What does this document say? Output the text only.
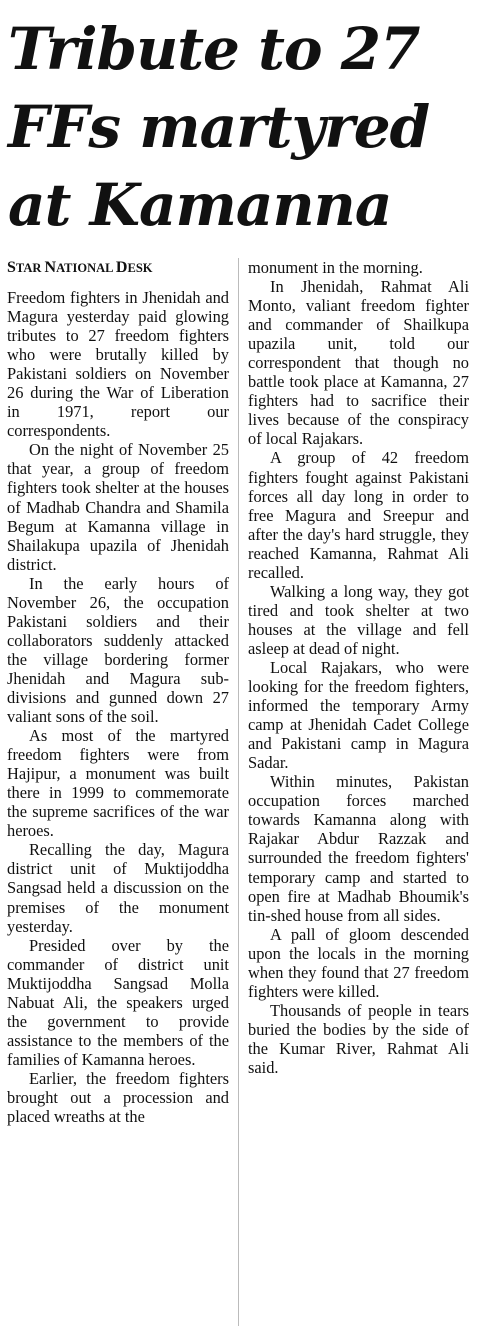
Tribute to 27
FFs martyred
at Kamanna
STAR NATIONAL DESK

Freedom fighters in Jhenidah and Magura yesterday paid glowing tributes to 27 freedom fighters who were brutally killed by Pakistani soldiers on November 26 during the War of Liberation in 1971, report our correspondents.

On the night of November 25 that year, a group of freedom fighters took shelter at the houses of Madhab Chandra and Shamila Begum at Kamanna village in Shailakupa upazila of Jhenidah district.

In the early hours of November 26, the occupation Pakistani soldiers and their collaborators suddenly attacked the village bordering former Jhenidah and Magura sub-divisions and gunned down 27 valiant sons of the soil.

As most of the martyred freedom fighters were from Hajipur, a monument was built there in 1999 to commemorate the supreme sacrifices of the war heroes.

Recalling the day, Magura district unit of Muktijoddha Sangsad held a discussion on the premises of the monument yesterday.

Presided over by the commander of district unit Muktijoddha Sangsad Molla Nabuat Ali, the speakers urged the government to provide assistance to the members of the families of Kamanna heroes.

Earlier, the freedom fighters brought out a procession and placed wreaths at the

monument in the morning.

In Jhenidah, Rahmat Ali Monto, valiant freedom fighter and commander of Shailkupa upazila unit, told our correspondent that though no battle took place at Kamanna, 27 fighters had to sacrifice their lives because of the conspiracy of local Rajakars.

A group of 42 freedom fighters fought against Pakistani forces all day long in order to free Magura and Sreepur and after the day's hard struggle, they reached Kamanna, Rahmat Ali recalled.

Walking a long way, they got tired and took shelter at two houses at the village and fell asleep at dead of night.

Local Rajakars, who were looking for the freedom fighters, informed the temporary Army camp at Jhenidah Cadet College and Pakistani camp in Magura Sadar.

Within minutes, Pakistan occupation forces marched towards Kamanna along with Rajakar Abdur Razzak and surrounded the freedom fighters' temporary camp and started to open fire at Madhab Bhoumik's tin-shed house from all sides.

A pall of gloom descended upon the locals in the morning when they found that 27 freedom fighters were killed.

Thousands of people in tears buried the bodies by the side of the Kumar River, Rahmat Ali said.
